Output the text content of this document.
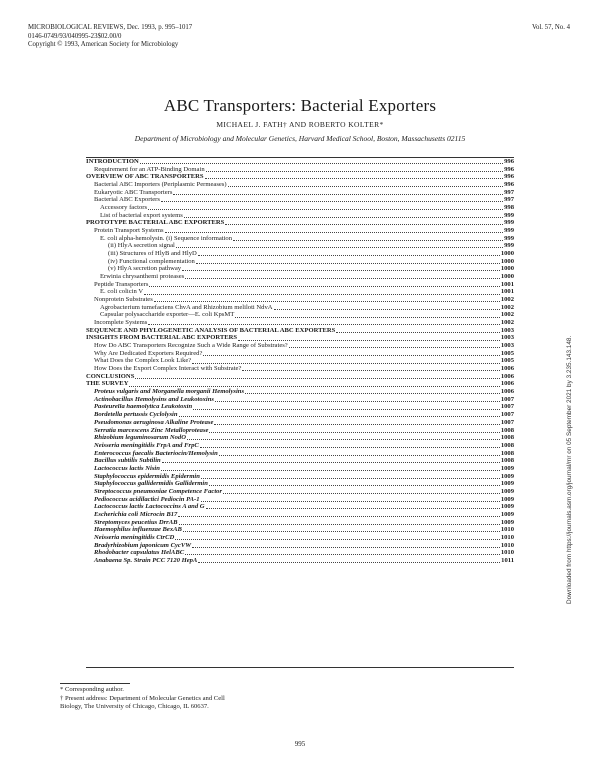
MICROBIOLOGICAL REVIEWS, Dec. 1993, p. 995–1017
0146-0749/93/040995-23$02.00/0
Copyright © 1993, American Society for Microbiology
Vol. 57, No. 4
ABC Transporters: Bacterial Exporters
MICHAEL J. FATH† AND ROBERTO KOLTER*
Department of Microbiology and Molecular Genetics, Harvard Medical School, Boston, Massachusetts 02115
INTRODUCTION	996
Requirement for an ATP-Binding Domain	996
OVERVIEW OF ABC TRANSPORTERS	996
Bacterial ABC Importers (Periplasmic Permeases)	996
Eukaryotic ABC Transporters	997
Bacterial ABC Exporters	997
Accessory factors	998
List of bacterial export systems	999
PROTOTYPE BACTERIAL ABC EXPORTERS	999
Protein Transport Systems	999
E. coli alpha-hemolysin. (i) Sequence information	999
(ii) HlyA secretion signal	999
(iii) Structures of HlyB and HlyD	1000
(iv) Functional complementation	1000
(v) HlyA secretion pathway	1000
Erwinia chrysanthemi proteases	1000
Peptide Transporters	1001
E. coli colicin V	1001
Nonprotein Substrates	1002
Agrobacterium tumefaciens ChvA and Rhizobium meliloti NdvA	1002
Capsular polysaccharide exporter—E. coli KpsMT	1002
Incomplete Systems	1002
SEQUENCE AND PHYLOGENETIC ANALYSIS OF BACTERIAL ABC EXPORTERS	1003
INSIGHTS FROM BACTERIAL ABC EXPORTERS	1003
How Do ABC Transporters Recognize Such a Wide Range of Substrates?	1003
Why Are Dedicated Exporters Required?	1005
What Does the Complex Look Like?	1005
How Does the Export Complex Interact with Substrate?	1006
CONCLUSIONS	1006
THE SURVEY	1006
Proteus vulgaris and Morganella morganii Hemolysins	1006
Actinobacillus Hemolysins and Leukotoxins	1007
Pasteurella haemolytica Leukotoxin	1007
Bordetella pertussis Cyclolysin	1007
Pseudomonas aeruginosa Alkaline Protease	1007
Serratia marcescens Zinc Metalloprotease	1008
Rhizobium leguminosarum NodO	1008
Neisseria meningitidis FrpA and FrpC	1008
Enterococcus faecalis Bacteriocin/Hemolysin	1008
Bacillus subtilis Subtilin	1008
Lactococcus lactis Nisin	1009
Staphylococcus epidermidis Epidermin	1009
Staphylococcus gallidermidis Gallidermin	1009
Streptococcus pneumoniae Competence Factor	1009
Pediococcus acidilactici Pediocin PA-1	1009
Lactococcus lactis Lactococcins A and G	1009
Escherichia coli Microcin B17	1009
Streptomyces peucetius DrrAB	1009
Haemophilus influenzae BexAB	1010
Neisseria meningitidis CtrCD	1010
Bradyrhizobium japonicum CycVW	1010
Rhodobacter capsulatus HelABC	1010
Anabaena Sp. Strain PCC 7120 HepA	1011
* Corresponding author.
† Present address: Department of Molecular Genetics and Cell
Biology, The University of Chicago, Chicago, IL 60637.
995
Downloaded from https://journals.asm.org/journal/mr on 05 September 2021 by 3.235.143.148.
